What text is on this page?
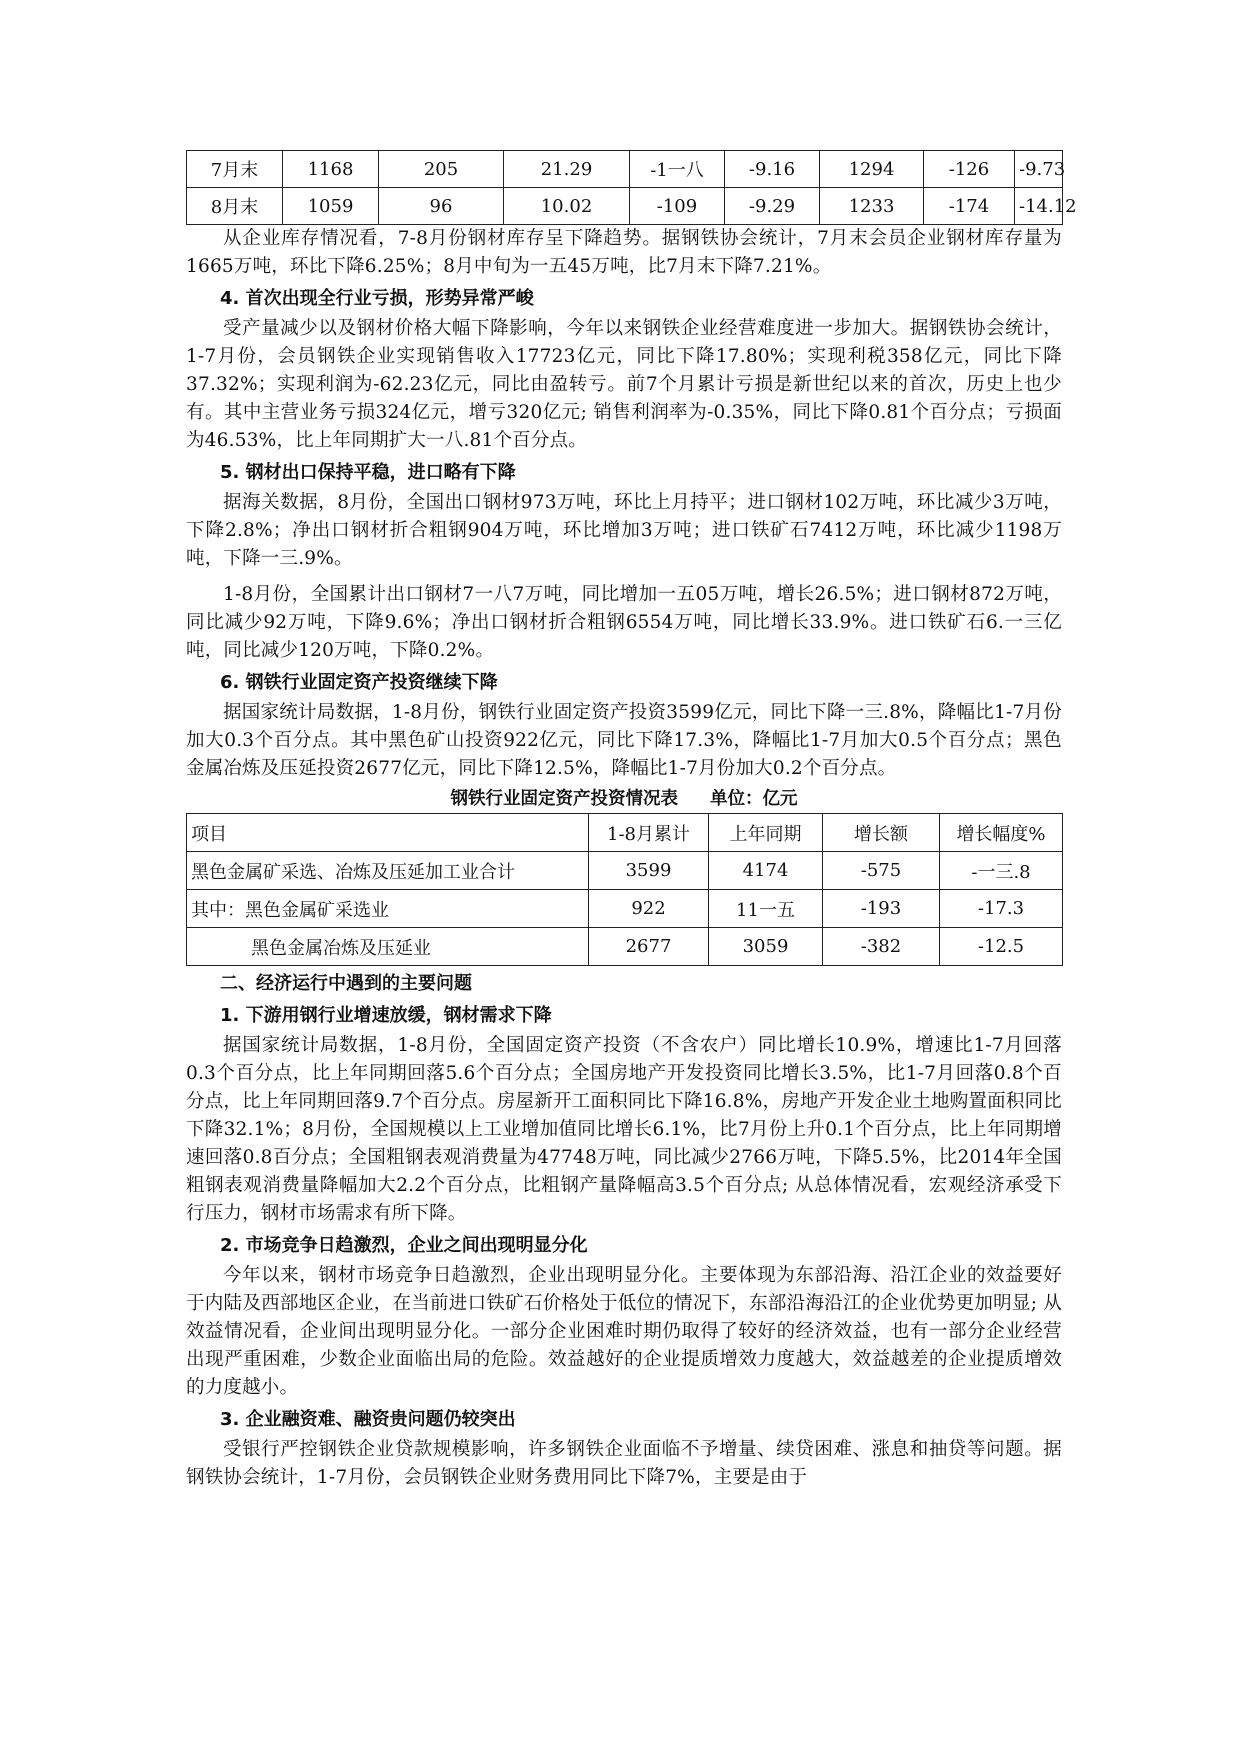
7月末	1168	205	21.29	-1一八	-9.16	1294	-126	-9.73
8月末	1059	96	10.02	-109	-9.29	1233	-174	-14.12

从企业库存情况看，7-8月份钢材库存呈下降趋势。据钢铁协会统计，7月末会员企业钢材库存量为1665万吨，环比下降6.25%；8月中旬为一五45万吨，比7月末下降7.21%。

4. 首次出现全行业亏损，形势异常严峻

受产量减少以及钢材价格大幅下降影响，今年以来钢铁企业经营难度进一步加大。据钢铁协会统计，1-7月份，会员钢铁企业实现销售收入17723亿元，同比下降17.80%；实现利税358亿元，同比下降37.32%；实现利润为-62.23亿元，同比由盈转亏。前7个月累计亏损是新世纪以来的首次，历史上也少有。其中主营业务亏损324亿元，增亏320亿元; 销售利润率为-0.35%，同比下降0.81个百分点；亏损面为46.53%，比上年同期扩大一八.81个百分点。

5. 钢材出口保持平稳，进口略有下降

据海关数据，8月份，全国出口钢材973万吨，环比上月持平；进口钢材102万吨，环比减少3万吨，下降2.8%；净出口钢材折合粗钢904万吨，环比增加3万吨；进口铁矿石7412万吨，环比减少1198万吨，下降一三.9%。

1-8月份，全国累计出口钢材7一八7万吨，同比增加一五05万吨，增长26.5%；进口钢材872万吨，同比减少92万吨，下降9.6%；净出口钢材折合粗钢6554万吨，同比增长33.9%。进口铁矿石6.一三亿吨，同比减少120万吨，下降0.2%。

6. 钢铁行业固定资产投资继续下降

据国家统计局数据，1-8月份，钢铁行业固定资产投资3599亿元，同比下降一三.8%，降幅比1-7月份加大0.3个百分点。其中黑色矿山投资922亿元，同比下降17.3%，降幅比1-7月加大0.5个百分点；黑色金属冶炼及压延投资2677亿元，同比下降12.5%，降幅比1-7月份加大0.2个百分点。

钢铁行业固定资产投资情况表 单位：亿元
项目	1-8月累计	上年同期	增长额	增长幅度%
黑色金属矿采选、冶炼及压延加工业合计	3599	4174	-575	-一三.8
其中：黑色金属矿采选业	922	11一五	-193	-17.3
黑色金属冶炼及压延业	2677	3059	-382	-12.5
二、经济运行中遇到的主要问题
1. 下游用钢行业增速放缓，钢材需求下降

据国家统计局数据，1-8月份，全国固定资产投资（不含农户）同比增长10.9%，增速比1-7月回落0.3个百分点，比上年同期回落5.6个百分点；全国房地产开发投资同比增长3.5%，比1-7月回落0.8个百分点，比上年同期回落9.7个百分点。房屋新开工面积同比下降16.8%，房地产开发企业土地购置面积同比下降32.1%；8月份，全国规模以上工业增加值同比增长6.1%，比7月份上升0.1个百分点，比上年同期增速回落0.8百分点；全国粗钢表观消费量为47748万吨，同比减少2766万吨，下降5.5%，比2014年全国粗钢表观消费量降幅加大2.2个百分点，比粗钢产量降幅高3.5个百分点; 从总体情况看，宏观经济承受下行压力，钢材市场需求有所下降。

2. 市场竞争日趋激烈，企业之间出现明显分化

今年以来，钢材市场竞争日趋激烈，企业出现明显分化。主要体现为东部沿海、沿江企业的效益要好于内陆及西部地区企业，在当前进口铁矿石价格处于低位的情况下，东部沿海沿江的企业优势更加明显; 从效益情况看，企业间出现明显分化。一部分企业困难时期仍取得了较好的经济效益，也有一部分企业经营出现严重困难，少数企业面临出局的危险。效益越好的企业提质增效力度越大，效益越差的企业提质增效的力度越小。

3. 企业融资难、融资贵问题仍较突出

受银行严控钢铁企业贷款规模影响，许多钢铁企业面临不予增量、续贷困难、涨息和抽贷等问题。据钢铁协会统计，1-7月份，会员钢铁企业财务费用同比下降7%，主要是由于
